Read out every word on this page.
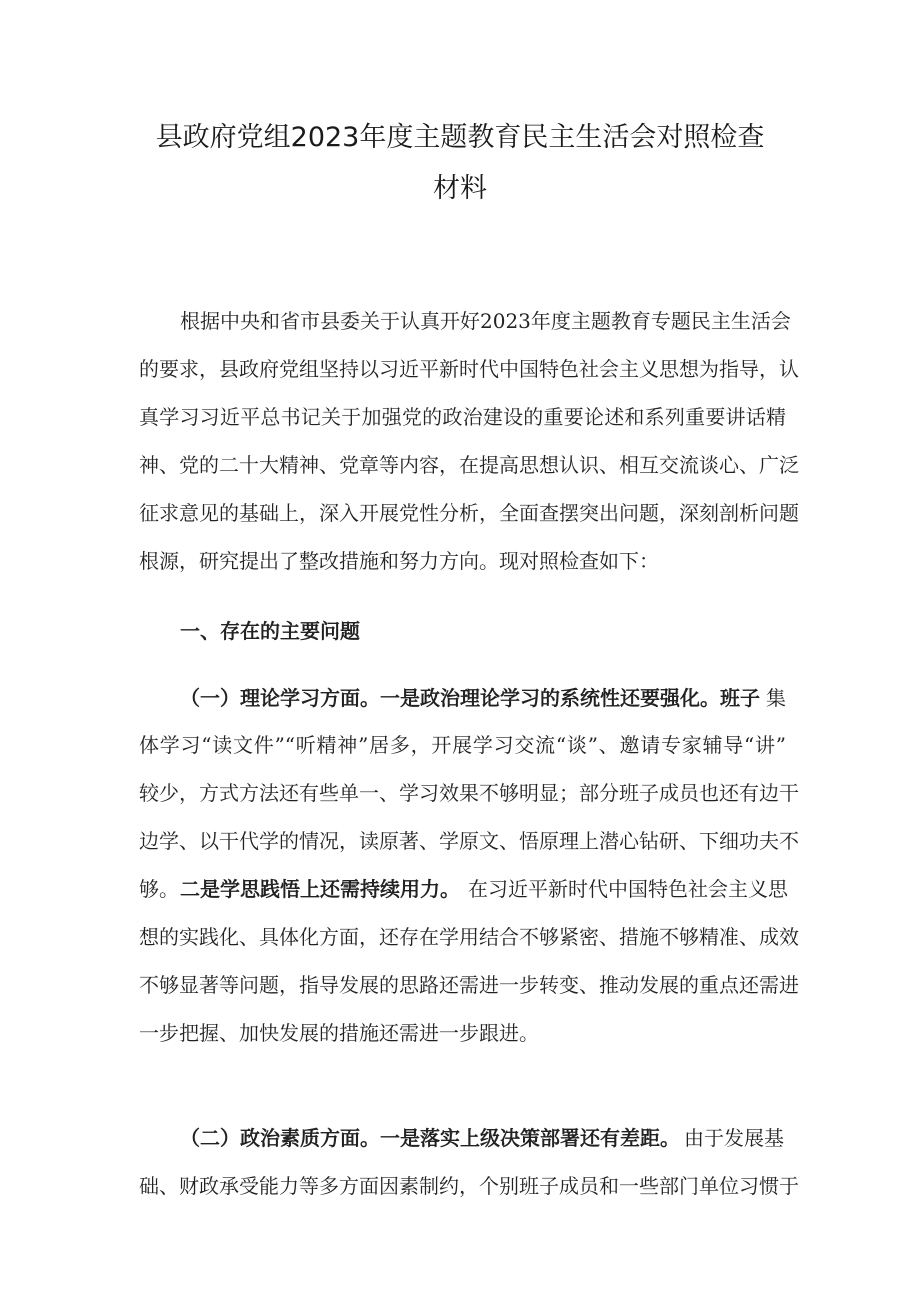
县政府党组2023年度主题教育民主生活会对照检查
材料
根据中央和省市县委关于认真开好2023年度主题教育专题民主生活会
的要求，县政府党组坚持以习近平新时代中国特色社会主义思想为指导，认
真学习习近平总书记关于加强党的政治建设的重要论述和系列重要讲话精
神、党的二十大精神、党章等内容，在提高思想认识、相互交流谈心、广泛
征求意见的基础上，深入开展党性分析，全面查摆突出问题，深刻剖析问题
根源，研究提出了整改措施和努力方向。现对照检查如下：
一、存在的主要问题
（一）理论学习方面。一是政治理论学习的系统性还要强化。班子 集
体学习“读文件”“听精神”居多，开展学习交流“谈”、邀请专家辅导“讲”
较少，方式方法还有些单一、学习效果不够明显；部分班子成员也还有边干
边学、以干代学的情况，读原著、学原文、悟原理上潜心钻研、下细功夫不
够。 二是学思践悟上还需持续用力。 在习近平新时代中国特色社会主义思
想的实践化、具体化方面，还存在学用结合不够紧密、措施不够精准、成效
不够显著等问题，指导发展的思路还需进一步转变、推动发展的重点还需进
一步把握、加快发展的措施还需进一步跟进。
（二）政治素质方面。一是落实上级决策部署还有差距。 由于发展基
础、财政承受能力等多方面因素制约，个别班子成员和一些部门单位习惯于
